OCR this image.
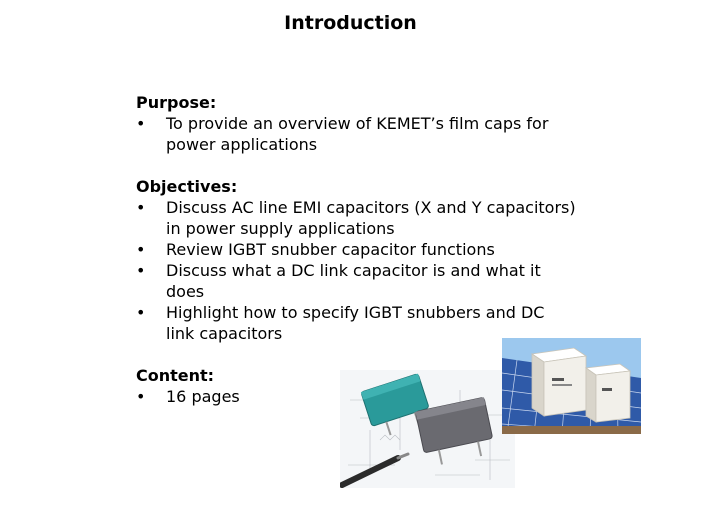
Introduction

Purpose:

• To provide an overview of KEMET’s film caps for power applications

Objectives:

• Discuss AC line EMI capacitors (X and Y capacitors) in power supply applications
• Review IGBT snubber capacitor functions
• Discuss what a DC link capacitor is and what it does
• Highlight how to specify IGBT snubbers and DC link capacitors

Content:

• 16 pages
